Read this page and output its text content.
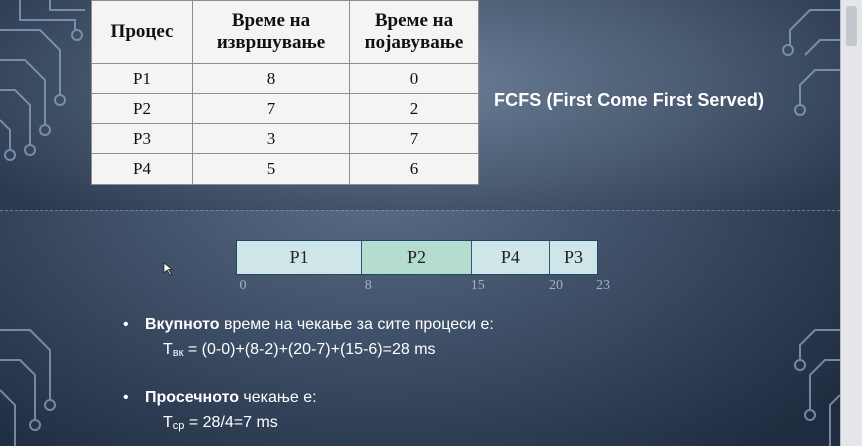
Процес	Време на извршување	Време на појавување
P1	8	0
P2	7	2
P3	3	7
P4	5	6
FCFS (First Come First Served)
P1	P2	P4	P3
0	8	15	20 23
• Вкупното време на чекање за сите процеси е:
$T_{вк} = (0-0)+(8-2)+(20-7)+(15-6)=28$ ms
• Просечното чекање е:
$T_{ср} = 28/4=7$ ms
